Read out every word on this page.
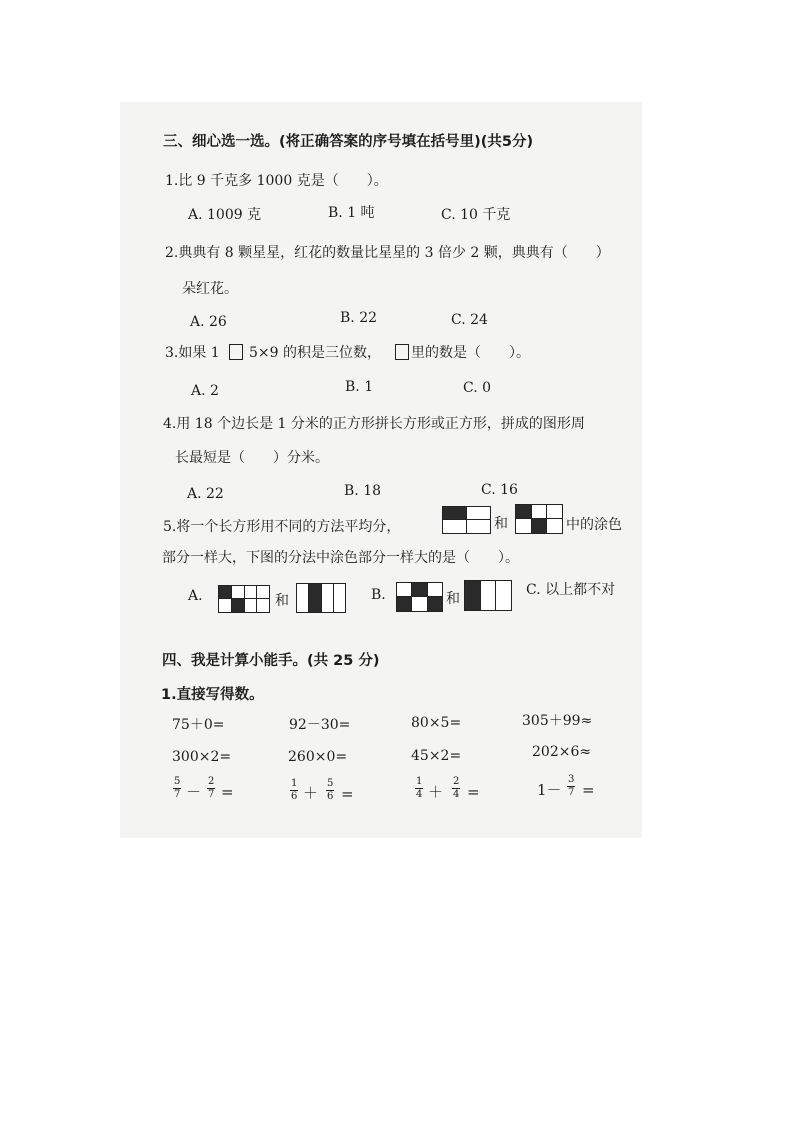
三、细心选一选。(将正确答案的序号填在括号里)(共5分)
1.比 9 千克多 1000 克是（　　）。
A. 1009 克	B. 1 吨	C. 10 千克
2.典典有 8 颗星星，红花的数量比星星的 3 倍少 2 颗，典典有（　　）
朵红花。
A. 26	B. 22	C. 24
3.如果 1 5×9 的积是三位数， 里的数是（　　）。
A. 2	B. 1	C. 0
4.用 18 个边长是 1 分米的正方形拼长方形或正方形，拼成的图形周
长最短是（　　）分米。
A. 22	B. 18	C. 16
5.将一个长方形用不同的方法平均分，	和	中的涂色
部分一样大，下图的分法中涂色部分一样大的是（　　）。
A.	和	B.	和
C. 以上都不对
四、我是计算小能手。(共 25 分)
1.直接写得数。
75＋0=	92－30=	80×5=	305＋99≈
300×2=	260×0=	45×2=	202×6≈
$\frac{5}{7} - \frac{2}{7}$ =	$\frac{1}{6} + \frac{5}{6}$ =	$\frac{1}{4} + \frac{2}{4}$ =	$1- \frac{3}{7}$ =
